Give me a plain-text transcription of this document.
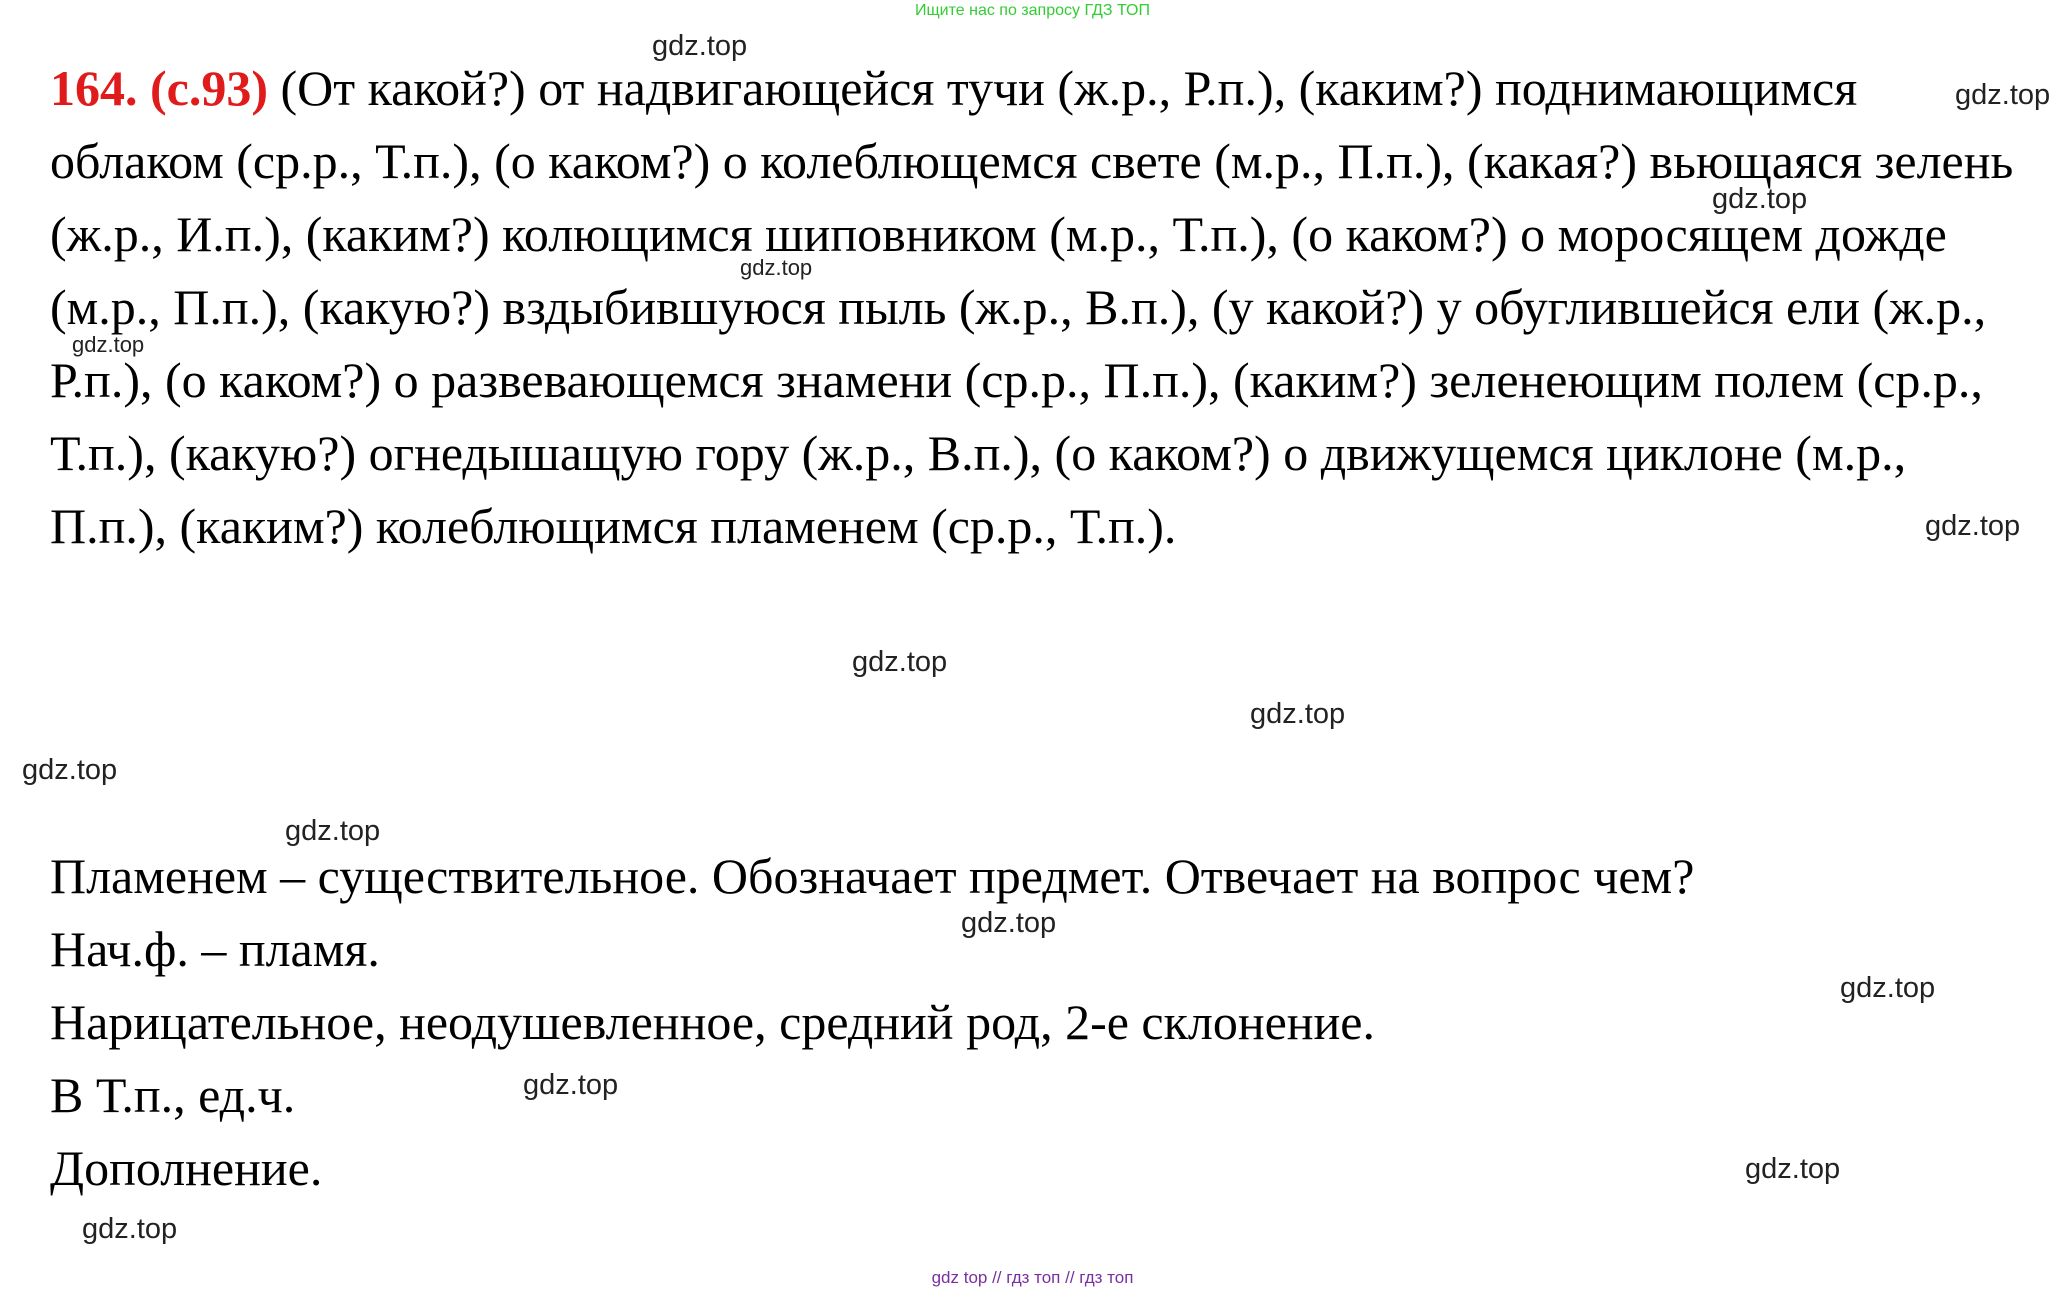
Ищите нас по запросу ГДЗ ТОП
164. (с.93) (От какой?) от надвигающейся тучи (ж.р., Р.п.), (каким?) поднимающимся облаком (ср.р., Т.п.), (о каком?) о колеблющемся свете (м.р., П.п.), (какая?) вьющаяся зелень (ж.р., И.п.), (каким?) колющимся шиповником (м.р., Т.п.), (о каком?) о моросящем дожде (м.р., П.п.), (какую?) вздыбившуюся пыль (ж.р., В.п.), (у какой?) у обуглившейся ели (ж.р., Р.п.), (о каком?) о развевающемся знамени (ср.р., П.п.), (каким?) зеленеющим полем (ср.р., Т.п.), (какую?) огнедышащую гору (ж.р., В.п.), (о каком?) о движущемся циклоне (м.р., П.п.), (каким?) колеблющимся пламенем (ср.р., Т.п.).
Пламенем – существительное. Обозначает предмет. Отвечает на вопрос чем?
Нач.ф. – пламя.
Нарицательное, неодушевленное, средний род, 2-е склонение.
В Т.п., ед.ч.
Дополнение.
gdz.top
gdz.top
gdz.top
gdz.top
gdz.top
gdz.top
gdz.top
gdz.top
gdz.top
gdz.top
gdz.top
gdz.top
gdz.top
gdz.top
gdz.top
gdz top // гдз топ // гдз топ
